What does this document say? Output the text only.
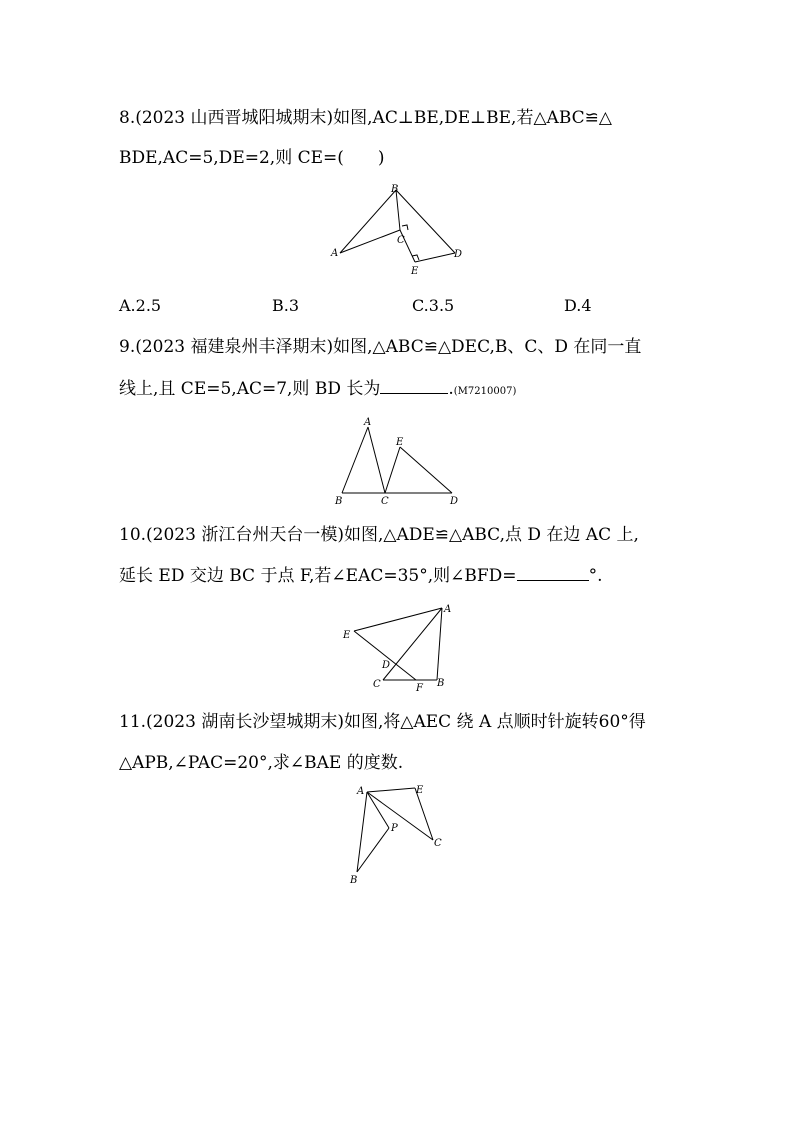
8.(2023 山西晋城阳城期末)如图,AC⊥BE,DE⊥BE,若△ABC≌△
BDE,AC=5,DE=2,则 CE=(　　)
B
A
C
D
E
A.2.5	B.3	C.3.5	D.4
9.(2023 福建泉州丰泽期末)如图,△ABC≌△DEC,B、C、D 在同一直
线上,且 CE=5,AC=7,则 BD 长为	.(M7210007)
A
E
B	C	D
10.(2023 浙江台州天台一模)如图,△ADE≌△ABC,点 D 在边 AC 上,
延长 ED 交边 BC 于点 F,若∠EAC=35°,则∠BFD=	°.
A
E
D
C	F B
11.(2023 湖南长沙望城期末)如图,将△AEC 绕 A 点顺时针旋转60°得
△APB,∠PAC=20°,求∠BAE 的度数.
A	E
P
C
B
